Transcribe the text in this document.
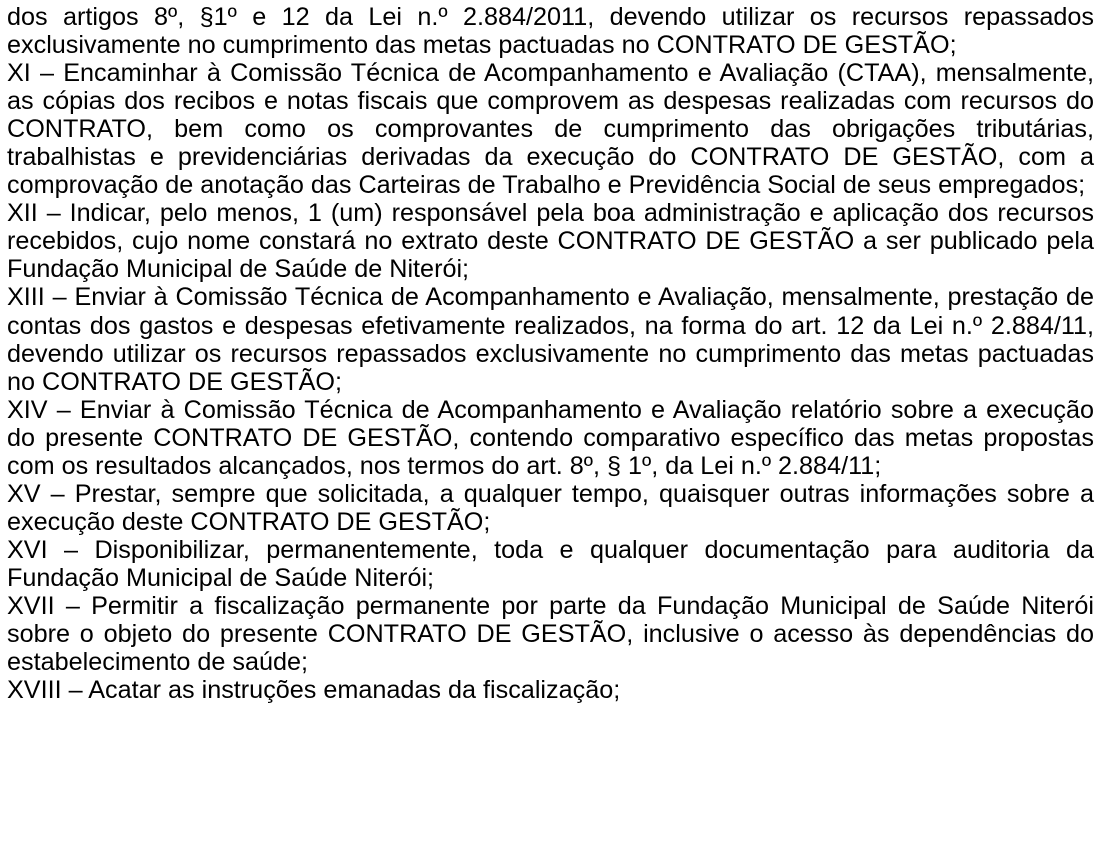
dos artigos 8º, §1º e 12 da Lei n.º 2.884/2011, devendo utilizar os recursos repassados exclusivamente no cumprimento das metas pactuadas no CONTRATO DE GESTÃO;

XI – Encaminhar à Comissão Técnica de Acompanhamento e Avaliação (CTAA), mensalmente, as cópias dos recibos e notas fiscais que comprovem as despesas realizadas com recursos do CONTRATO, bem como os comprovantes de cumprimento das obrigações tributárias, trabalhistas e previdenciárias derivadas da execução do CONTRATO DE GESTÃO, com a comprovação de anotação das Carteiras de Trabalho e Previdência Social de seus empregados;

XII – Indicar, pelo menos, 1 (um) responsável pela boa administração e aplicação dos recursos recebidos, cujo nome constará no extrato deste CONTRATO DE GESTÃO a ser publicado pela Fundação Municipal de Saúde de Niterói;

XIII – Enviar à Comissão Técnica de Acompanhamento e Avaliação, mensalmente, prestação de contas dos gastos e despesas efetivamente realizados, na forma do art. 12 da Lei n.º 2.884/11, devendo utilizar os recursos repassados exclusivamente no cumprimento das metas pactuadas no CONTRATO DE GESTÃO;

XIV – Enviar à Comissão Técnica de Acompanhamento e Avaliação relatório sobre a execução do presente CONTRATO DE GESTÃO, contendo comparativo específico das metas propostas com os resultados alcançados, nos termos do art. 8º, § 1º, da Lei n.º 2.884/11;

XV – Prestar, sempre que solicitada, a qualquer tempo, quaisquer outras informações sobre a execução deste CONTRATO DE GESTÃO;

XVI – Disponibilizar, permanentemente, toda e qualquer documentação para auditoria da Fundação Municipal de Saúde Niterói;

XVII – Permitir a fiscalização permanente por parte da Fundação Municipal de Saúde Niterói sobre o objeto do presente CONTRATO DE GESTÃO, inclusive o acesso às dependências do estabelecimento de saúde;

XVIII – Acatar as instruções emanadas da fiscalização;
